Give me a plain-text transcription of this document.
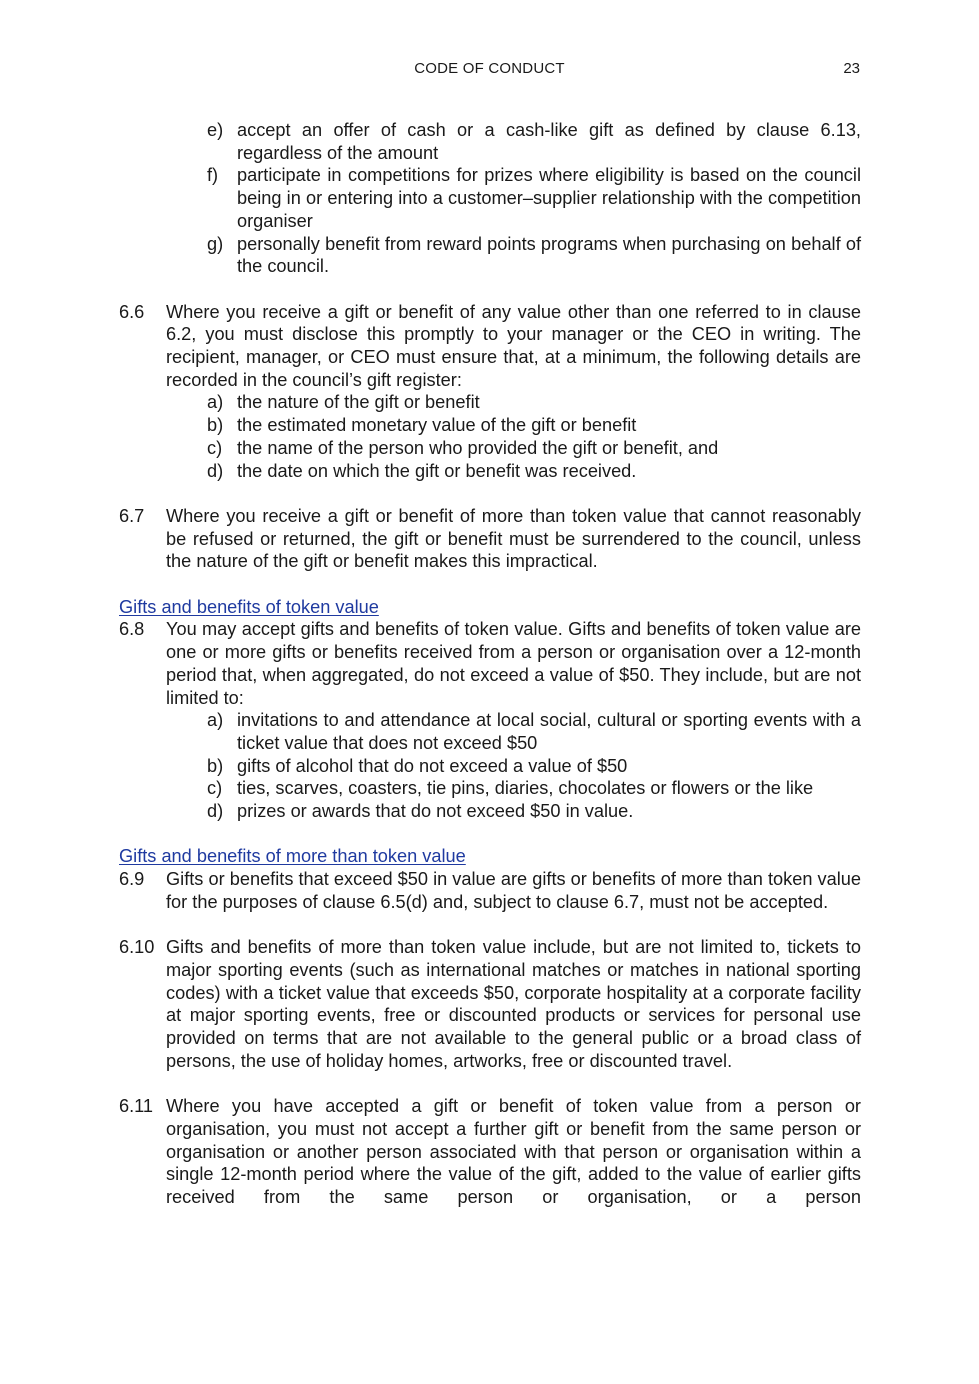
CODE OF CONDUCT	23
e) accept an offer of cash or a cash-like gift as defined by clause 6.13, regardless of the amount
f)	participate in competitions for prizes where eligibility is based on the council being in or entering into a customer–supplier relationship with the competition organiser
g) personally benefit from reward points programs when purchasing on behalf of the council.
6.6	Where you receive a gift or benefit of any value other than one referred to in clause 6.2, you must disclose this promptly to your manager or the CEO in writing. The recipient, manager, or CEO must ensure that, at a minimum, the following details are recorded in the council’s gift register:
a) the nature of the gift or benefit
b) the estimated monetary value of the gift or benefit
c) the name of the person who provided the gift or benefit, and
d) the date on which the gift or benefit was received.
6.7	Where you receive a gift or benefit of more than token value that cannot reasonably be refused or returned, the gift or benefit must be surrendered to the council, unless the nature of the gift or benefit makes this impractical.
Gifts and benefits of token value
6.8	You may accept gifts and benefits of token value. Gifts and benefits of token value are one or more gifts or benefits received from a person or organisation over a 12-month period that, when aggregated, do not exceed a value of $50. They include, but are not limited to:
a) invitations to and attendance at local social, cultural or sporting events with a ticket value that does not exceed $50
b) gifts of alcohol that do not exceed a value of $50
c) ties, scarves, coasters, tie pins, diaries, chocolates or flowers or the like
d) prizes or awards that do not exceed $50 in value.
Gifts and benefits of more than token value
6.9	Gifts or benefits that exceed $50 in value are gifts or benefits of more than token value for the purposes of clause 6.5(d) and, subject to clause 6.7, must not be accepted.
6.10 Gifts and benefits of more than token value include, but are not limited to, tickets to major sporting events (such as international matches or matches in national sporting codes) with a ticket value that exceeds $50, corporate hospitality at a corporate facility at major sporting events, free or discounted products or services for personal use provided on terms that are not available to the general public or a broad class of persons, the use of holiday homes, artworks, free or discounted travel.
6.11 Where you have accepted a gift or benefit of token value from a person or organisation, you must not accept a further gift or benefit from the same person or organisation or another person associated with that person or organisation within a single 12-month period where the value of the gift, added to the value of earlier gifts received from the same person or organisation, or a person
